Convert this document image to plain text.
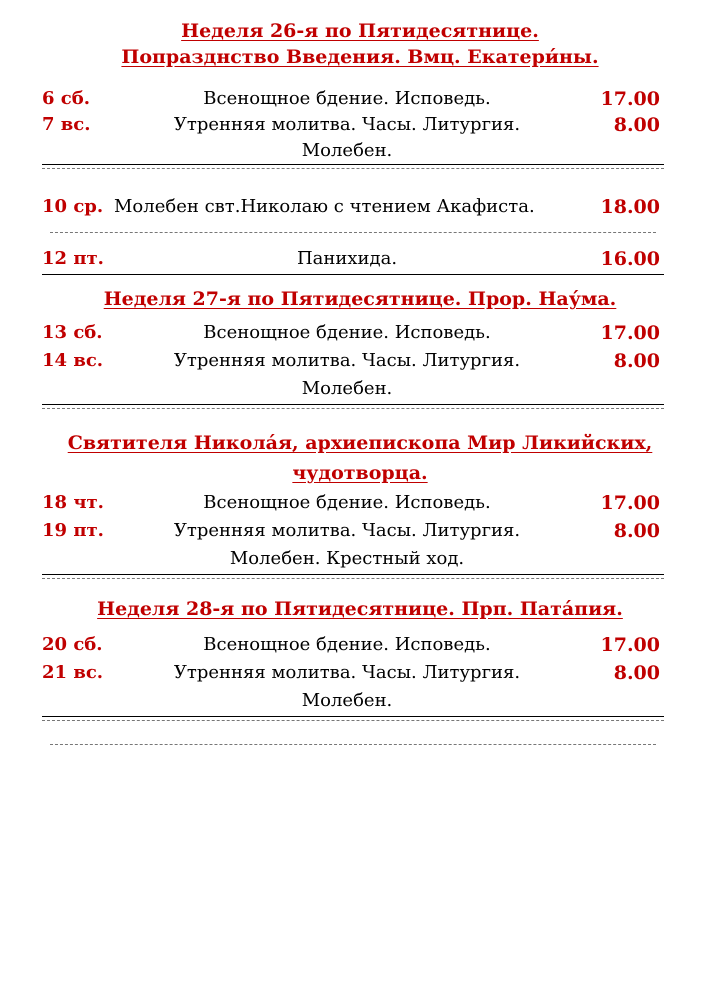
Неделя 26-я по Пятидесятнице.
Попразднство Введения. Вмц. Екатери́ны.
6 сб.	Всенощное бдение. Исповедь.	17.00
7 вс.	Утренняя молитва. Часы. Литургия.	8.00
Молебен.
10 ср. Молебен свт.Николаю с чтением Акафиста.	18.00
12 пт.	Панихида.	16.00
Неделя 27-я по Пятидесятнице. Прор. Нау́ма.
13 сб.	Всенощное бдение. Исповедь.	17.00
14 вс.	Утренняя молитва. Часы. Литургия.	8.00
Молебен.
Святителя Никола́я, архиепископа Мир Ликийских,
чудотворца.
18 чт.	Всенощное бдение. Исповедь.	17.00
19 пт.	Утренняя молитва. Часы. Литургия.	8.00
Молебен. Крестный ход.
Неделя 28-я по Пятидесятнице. Прп. Пата́пия.
20 сб.	Всенощное бдение. Исповедь.	17.00
21 вс.	Утренняя молитва. Часы. Литургия.	8.00
Молебен.
